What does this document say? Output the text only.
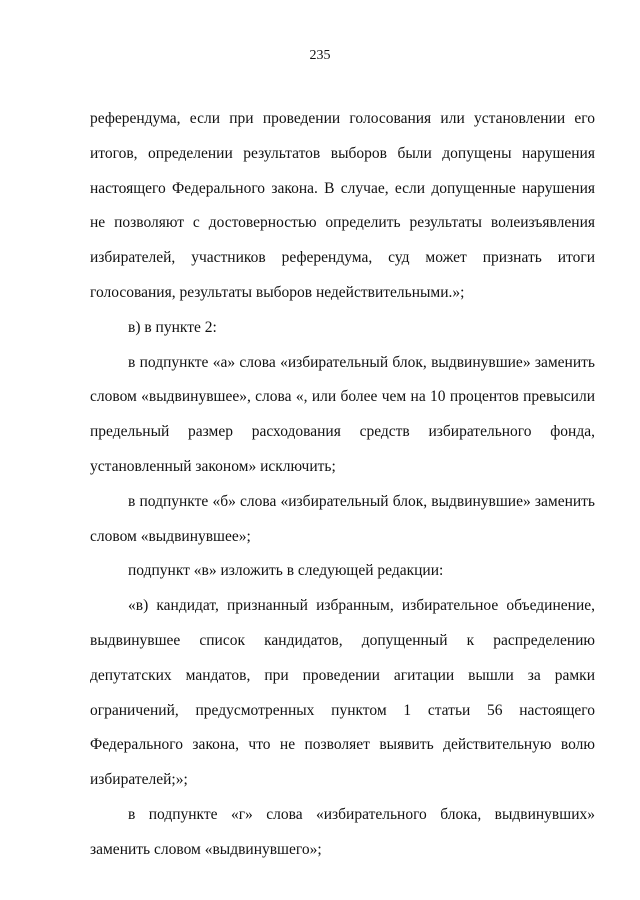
235

референдума, если при проведении голосования или установлении его итогов, определении результатов выборов были допущены нарушения настоящего Федерального закона. В случае, если допущенные нарушения не позволяют с достоверностью определить результаты волеизъявления избирателей, участников референдума, суд может признать итоги голосования, результаты выборов недействительными.»;

в) в пункте 2:

в подпункте «а» слова «избирательный блок, выдвинувшие» заменить словом «выдвинувшее», слова «, или более чем на 10 процентов превысили предельный размер расходования средств избирательного фонда, установленный законом» исключить;

в подпункте «б» слова «избирательный блок, выдвинувшие» заменить словом «выдвинувшее»;

подпункт «в» изложить в следующей редакции:

«в) кандидат, признанный избранным, избирательное объединение, выдвинувшее список кандидатов, допущенный к распределению депутатских мандатов, при проведении агитации вышли за рамки ограничений, предусмотренных пунктом 1 статьи 56 настоящего Федерального закона, что не позволяет выявить действительную волю избирателей;»;

в подпункте «г» слова «избирательного блока, выдвинувших» заменить словом «выдвинувшего»;
